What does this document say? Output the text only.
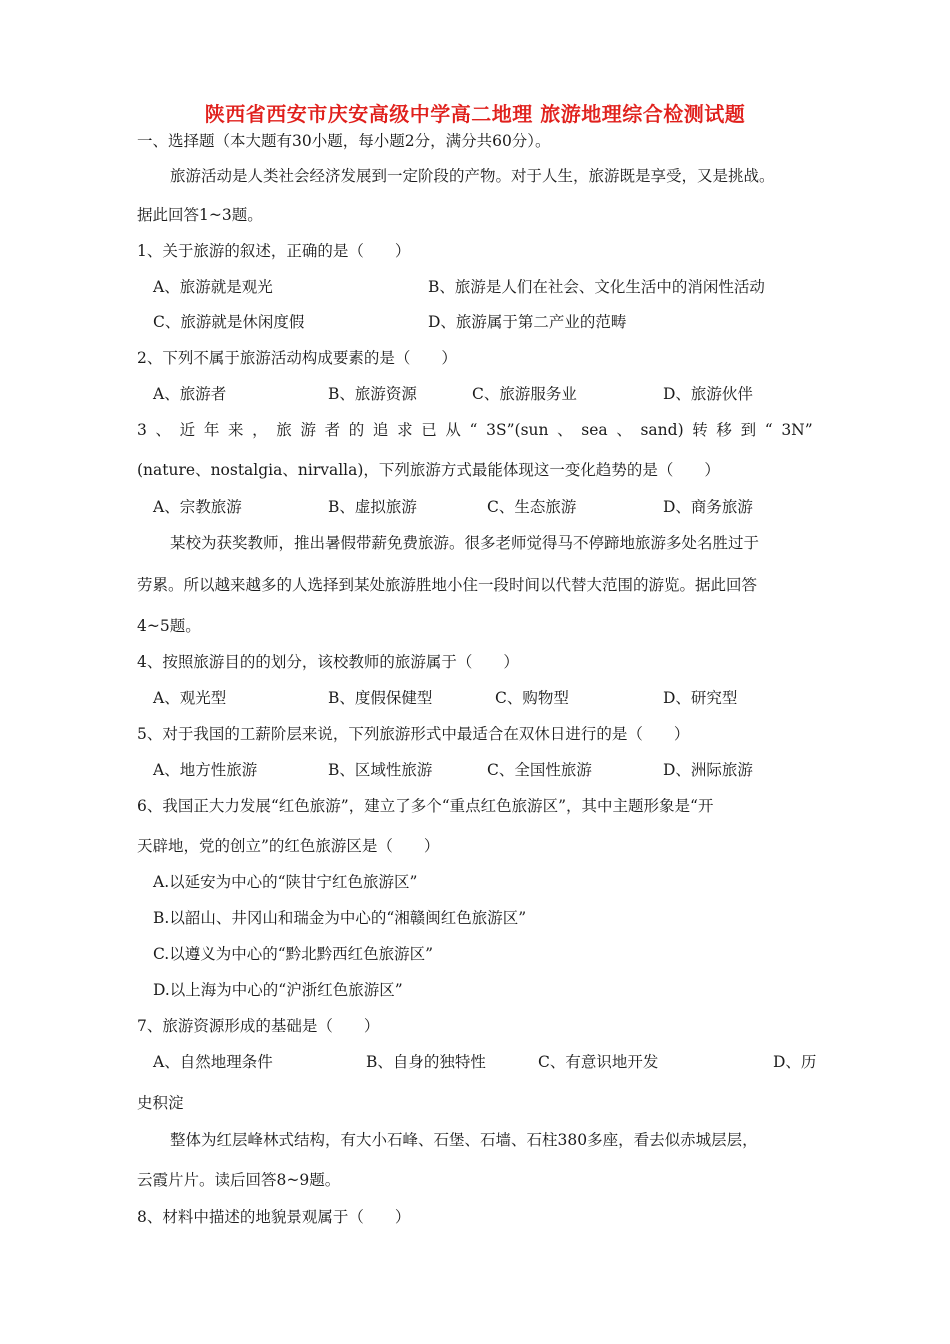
陕西省西安市庆安高级中学高二地理 旅游地理综合检测试题
一、选择题（本大题有30小题，每小题2分，满分共60分）。
旅游活动是人类社会经济发展到一定阶段的产物。对于人生，旅游既是享受，又是挑战。
据此回答1~3题。
1、关于旅游的叙述，正确的是（　　）
A、旅游就是观光	B、旅游是人们在社会、文化生活中的消闲性活动
C、旅游就是休闲度假	D、旅游属于第二产业的范畴
2、下列不属于旅游活动构成要素的是（　　）
A、旅游者	B、旅游资源	C、旅游服务业	D、旅游伙伴
3 、 近 年 来 ， 旅 游 者 的 追 求 已 从 “ 3S”(sun 、 sea 、 sand) 转 移 到 “ 3N”
(nature、nostalgia、nirvalla)，下列旅游方式最能体现这一变化趋势的是（　　）
A、宗教旅游	B、虚拟旅游	C、生态旅游	D、商务旅游
某校为获奖教师，推出暑假带薪免费旅游。很多老师觉得马不停蹄地旅游多处名胜过于
劳累。所以越来越多的人选择到某处旅游胜地小住一段时间以代替大范围的游览。据此回答
4~5题。
4、按照旅游目的的划分，该校教师的旅游属于（　　）
A、观光型	B、度假保健型	C、购物型	D、研究型
5、对于我国的工薪阶层来说，下列旅游形式中最适合在双休日进行的是（　　）
A、地方性旅游	B、区域性旅游	C、全国性旅游	D、洲际旅游
6、我国正大力发展“红色旅游”，建立了多个“重点红色旅游区”，其中主题形象是“开
天辟地，党的创立”的红色旅游区是（　　）
A.以延安为中心的“陕甘宁红色旅游区”
B.以韶山、井冈山和瑞金为中心的“湘赣闽红色旅游区”
C.以遵义为中心的“黔北黔西红色旅游区”
D.以上海为中心的“沪浙红色旅游区”
7、旅游资源形成的基础是（　　）
A、自然地理条件	B、自身的独特性	C、有意识地开发	D、历
史积淀
整体为红层峰林式结构，有大小石峰、石堡、石墙、石柱380多座，看去似赤城层层，
云霞片片。读后回答8~9题。
8、材料中描述的地貌景观属于（　　）
